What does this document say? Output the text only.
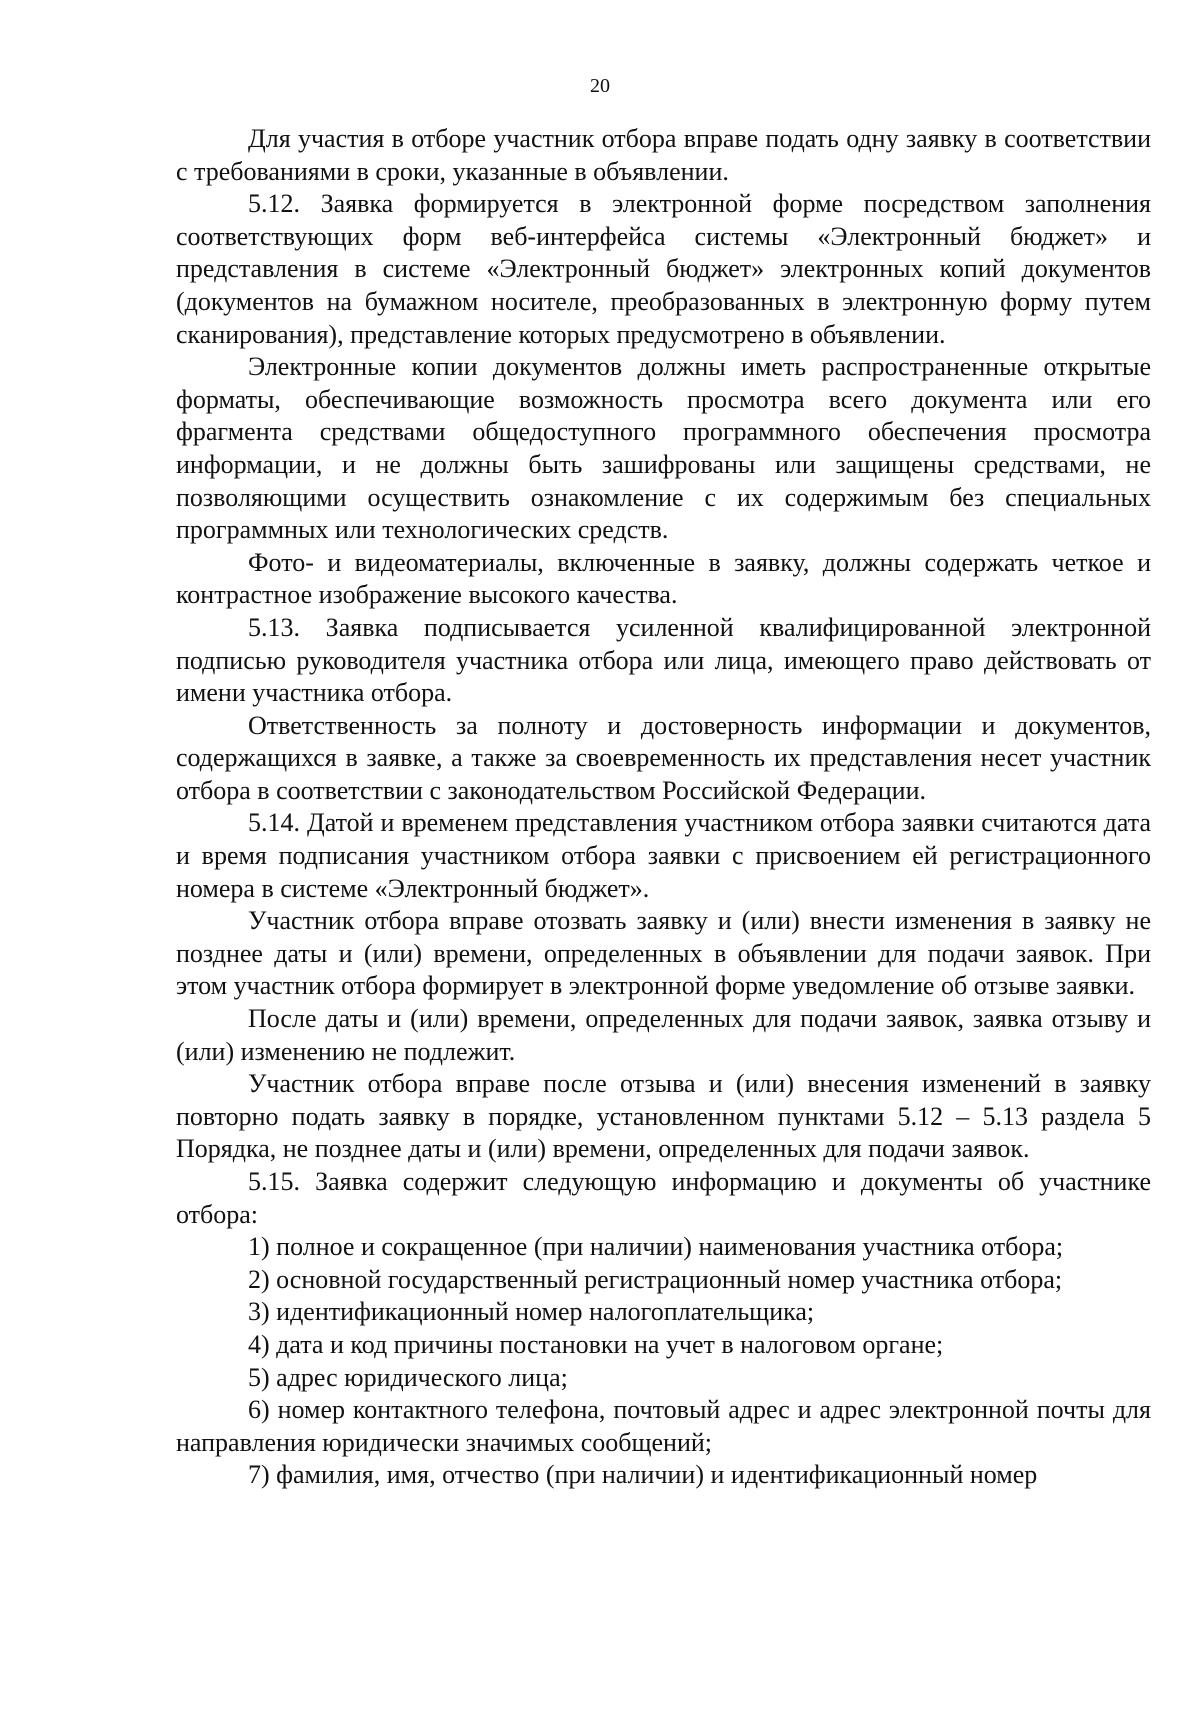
20

Для участия в отборе участник отбора вправе подать одну заявку в соответствии с требованиями в сроки, указанные в объявлении.

5.12. Заявка формируется в электронной форме посредством заполнения соответствующих форм веб-интерфейса системы «Электронный бюджет» и представления в системе «Электронный бюджет» электронных копий документов (документов на бумажном носителе, преобразованных в электронную форму путем сканирования), представление которых предусмотрено в объявлении.

Электронные копии документов должны иметь распространенные открытые форматы, обеспечивающие возможность просмотра всего документа или его фрагмента средствами общедоступного программного обеспечения просмотра информации, и не должны быть зашифрованы или защищены средствами, не позволяющими осуществить ознакомление с их содержимым без специальных программных или технологических средств.

Фото- и видеоматериалы, включенные в заявку, должны содержать четкое и контрастное изображение высокого качества.

5.13. Заявка подписывается усиленной квалифицированной электронной подписью руководителя участника отбора или лица, имеющего право действовать от имени участника отбора.

Ответственность за полноту и достоверность информации и документов, содержащихся в заявке, а также за своевременность их представления несет участник отбора в соответствии с законодательством Российской Федерации.

5.14. Датой и временем представления участником отбора заявки считаются дата и время подписания участником отбора заявки с присвоением ей регистрационного номера в системе «Электронный бюджет».

Участник отбора вправе отозвать заявку и (или) внести изменения в заявку не позднее даты и (или) времени, определенных в объявлении для подачи заявок. При этом участник отбора формирует в электронной форме уведомление об отзыве заявки.

После даты и (или) времени, определенных для подачи заявок, заявка отзыву и (или) изменению не подлежит.

Участник отбора вправе после отзыва и (или) внесения изменений в заявку повторно подать заявку в порядке, установленном пунктами 5.12 – 5.13 раздела 5 Порядка, не позднее даты и (или) времени, определенных для подачи заявок.

5.15. Заявка содержит следующую информацию и документы об участнике отбора:

1) полное и сокращенное (при наличии) наименования участника отбора;

2) основной государственный регистрационный номер участника отбора;

3) идентификационный номер налогоплательщика;

4) дата и код причины постановки на учет в налоговом органе;

5) адрес юридического лица;

6) номер контактного телефона, почтовый адрес и адрес электронной почты для направления юридически значимых сообщений;

7) фамилия, имя, отчество (при наличии) и идентификационный номер
